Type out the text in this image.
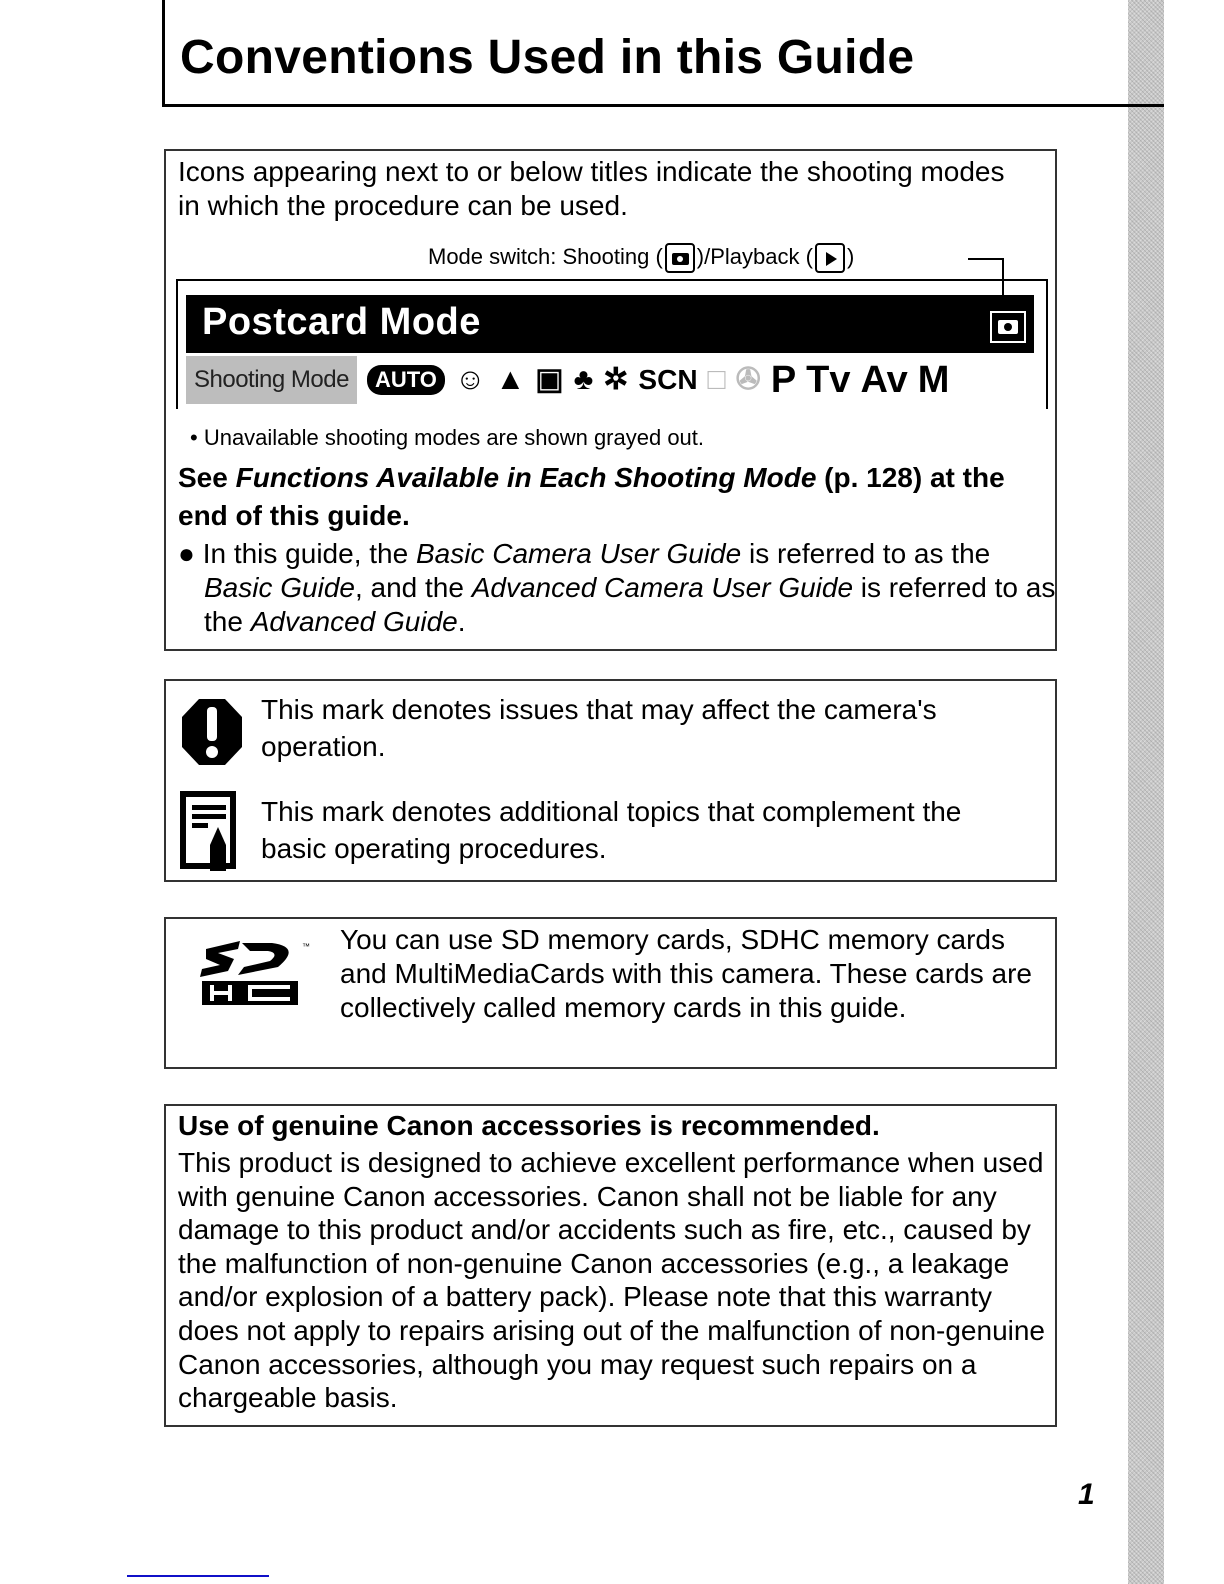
Conventions Used in this Guide
Icons appearing next to or below titles indicate the shooting modes in which the procedure can be used.
Mode switch: Shooting ( )/Playback ( )
Postcard Mode
Shooting Mode	AUTO ☺ ▲ ▣ ♣ ✲ SCN □ ✇ P Tv Av M
• Unavailable shooting modes are shown grayed out.
See Functions Available in Each Shooting Mode (p. 128) at the end of this guide.
● In this guide, the Basic Camera User Guide is referred to as the Basic Guide, and the Advanced Camera User Guide is referred to as the Advanced Guide.
This mark denotes issues that may affect the camera's operation.
This mark denotes additional topics that complement the basic operating procedures.
™ You can use SD memory cards, SDHC memory cards and MultiMediaCards with this camera. These cards are collectively called memory cards in this guide.
Use of genuine Canon accessories is recommended.
This product is designed to achieve excellent performance when used with genuine Canon accessories. Canon shall not be liable for any damage to this product and/or accidents such as fire, etc., caused by the malfunction of non-genuine Canon accessories (e.g., a leakage and/or explosion of a battery pack). Please note that this warranty does not apply to repairs arising out of the malfunction of non-genuine Canon accessories, although you may request such repairs on a chargeable basis.
1
